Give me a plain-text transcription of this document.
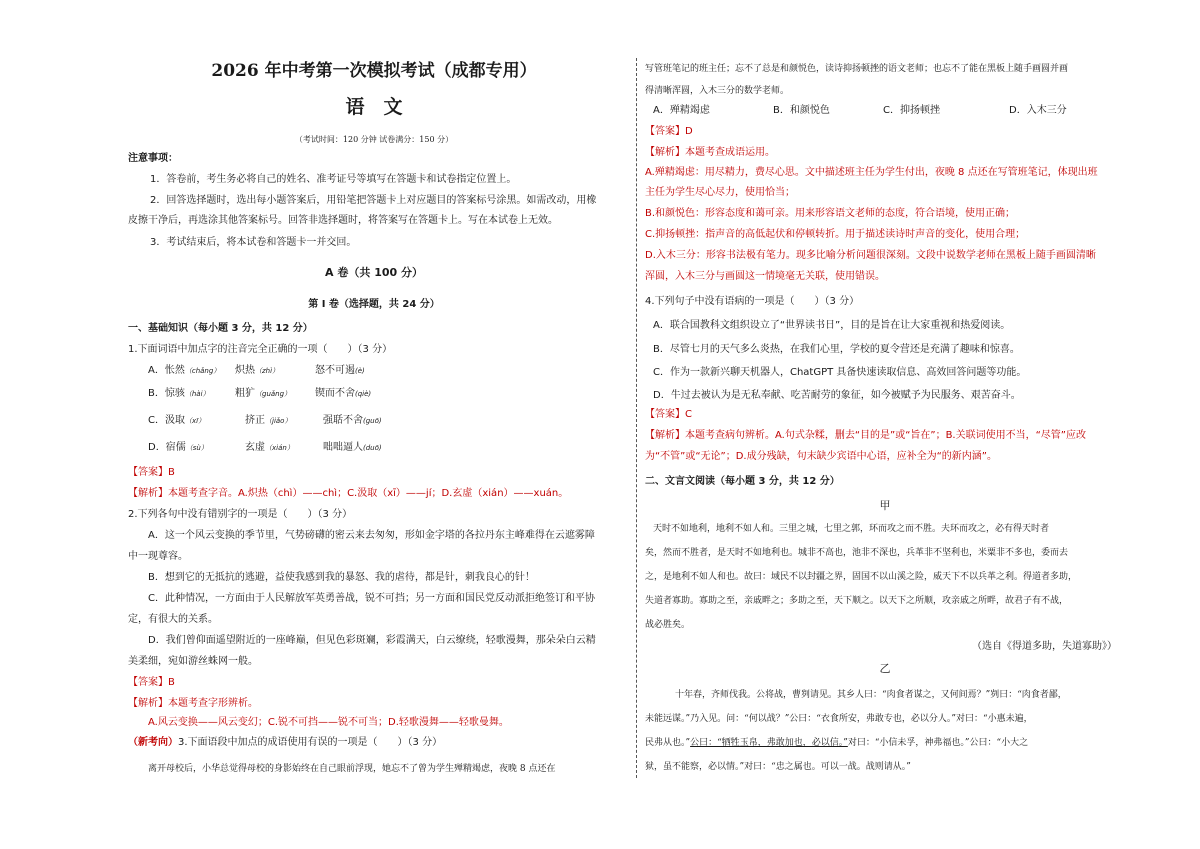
2026 年中考第一次模拟考试（成都专用）
语　文
（考试时间：120 分钟 试卷满分：150 分）
注意事项：
1．答卷前，考生务必将自己的姓名、准考证号等填写在答题卡和试卷指定位置上。
2．回答选择题时，选出每小题答案后，用铅笔把答题卡上对应题目的答案标号涂黑。如需改动，用橡
皮擦干净后，再选涂其他答案标号。回答非选择题时，将答案写在答题卡上。写在本试卷上无效。
3．考试结束后，将本试卷和答题卡一并交回。
A 卷（共 100 分）
第 I 卷（选择题，共 24 分）
一、基础知识（每小题 3 分，共 12 分）
1.下面词语中加点字的注音完全正确的一项（　　）（3 分）
A．怅然（chǎng） 炽热（zhì）	怒不可遏(è)
B．惊骇（hài）	粗犷（guǎng） 锲而不舍(qiè)
C．汲取（xī）	挤正（jiǎo）	强聒不舍(guō)
D．宿儒（sù）	玄虚（xián）	咄咄逼人(duō)
【答案】B
【解析】本题考查字音。A.炽热（chì）——chì；C.汲取（xī）——jí；D.玄虚（xián）——xuán。
2.下列各句中没有错别字的一项是（　　）（3 分）
A．这一个风云变换的季节里，气势磅礴的密云来去匆匆，形如金字塔的各拉丹东主峰难得在云遮雾障
中一现尊容。
B．想到它的无抵抗的逃避，益使我感到我的暴怒、我的虐待，都是针，刺我良心的针！
C．此种情况，一方面由于人民解放军英勇善战，锐不可挡；另一方面和国民党反动派拒绝签订和平协
定，有很大的关系。
D．我们曾仰面遥望附近的一座峰巅，但见色彩斑斓，彩霞满天，白云缭绕，轻歌漫舞，那朵朵白云精
美柔细，宛如游丝蛛网一般。
【答案】B
【解析】本题考查字形辨析。
A.风云变换——风云变幻；C.锐不可挡——锐不可当；D.轻歌漫舞——轻歌曼舞。
（新考向）3.下面语段中加点的成语使用有误的一项是（　　）（3 分）
离开母校后，小华总觉得母校的身影始终在自己眼前浮现，她忘不了曾为学生殚精竭虑，夜晚 8 点还在
写管班笔记的班主任；忘不了总是和颜悦色，读诗抑扬顿挫的语文老师；也忘不了能在黑板上随手画圆并画
得清晰浑圆，入木三分的数学老师。
A．殚精竭虑	B．和颜悦色	C．抑扬顿挫	D．入木三分
【答案】D
【解析】本题考查成语运用。
A.殚精竭虑：用尽精力，费尽心思。文中描述班主任为学生付出，夜晚 8 点还在写管班笔记，体现出班
主任为学生尽心尽力，使用恰当；
B.和颜悦色：形容态度和蔼可亲。用来形容语文老师的态度，符合语境，使用正确；
C.抑扬顿挫：指声音的高低起伏和停顿转折。用于描述读诗时声音的变化，使用合理；
D.入木三分：形容书法极有笔力。现多比喻分析问题很深刻。文段中说数学老师在黑板上随手画圆清晰
浑圆，入木三分与画圆这一情境毫无关联，使用错误。
4.下列句子中没有语病的一项是（　　）（3 分）
A．联合国教科文组织设立了“世界读书日”，目的是旨在让大家重视和热爱阅读。
B．尽管七月的天气多么炎热，在我们心里，学校的夏令营还是充满了趣味和惊喜。
C．作为一款新兴聊天机器人，ChatGPT 具备快速读取信息、高效回答问题等功能。
D．牛过去被认为是无私奉献、吃苦耐劳的象征，如今被赋予为民服务、艰苦奋斗。
【答案】C
【解析】本题考查病句辨析。A.句式杂糅，删去“目的是”或“旨在”；B.关联词使用不当，“尽管”应改
为“不管”或“无论”；D.成分残缺，句末缺少宾语中心语，应补全为“的新内涵”。
二、文言文阅读（每小题 3 分，共 12 分）
甲
天时不如地利，地利不如人和。三里之城，七里之郭，环而攻之而不胜。夫环而攻之，必有得天时者
矣，然而不胜者，是天时不如地利也。城非不高也，池非不深也，兵革非不坚利也，米粟非不多也，委而去
之，是地利不如人和也。故曰：域民不以封疆之界，固国不以山溪之险，威天下不以兵革之利。得道者多助，
失道者寡助。寡助之至，亲戚畔之；多助之至，天下顺之。以天下之所顺，攻亲戚之所畔，故君子有不战，
战必胜矣。
（选自《得道多助，失道寡助》）
乙
十年春，齐师伐我。公将战，曹刿请见。其乡人曰：“肉食者谋之，又何间焉？”刿曰：“肉食者鄙，
未能远谋。”乃入见。问：“何以战？”公曰：“衣食所安，弗敢专也，必以分人。”对曰：“小惠未遍，
民弗从也。”公曰：“牺牲玉帛，弗敢加也，必以信。”对曰：“小信未孚，神弗福也。”公曰：“小大之
狱，虽不能察，必以情。”对曰：“忠之属也。可以一战。战则请从。”
